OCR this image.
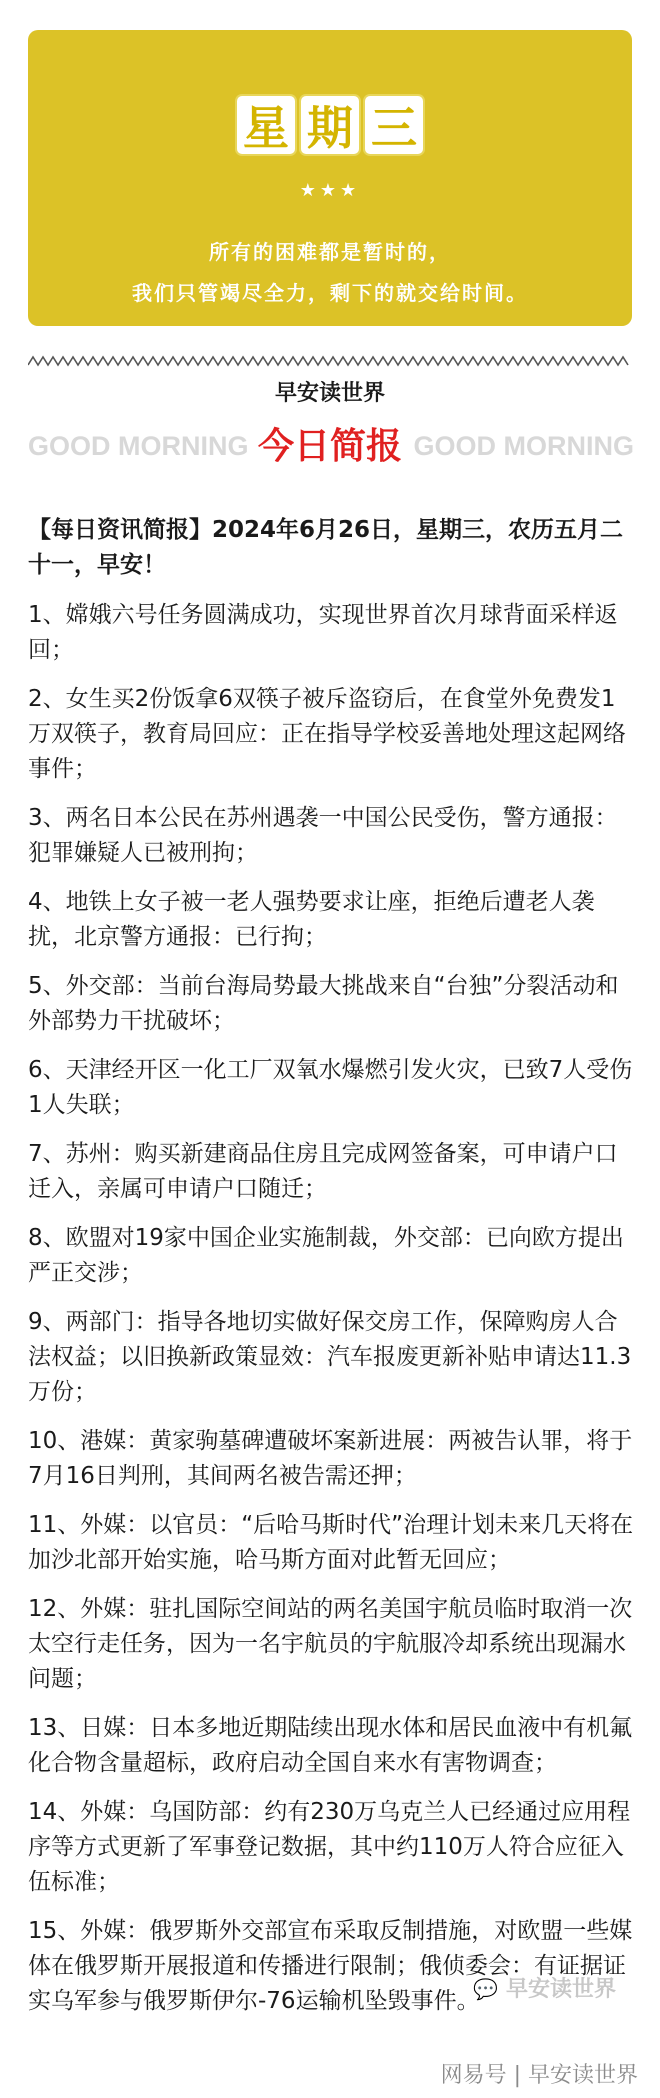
星 期 三
★★★
所有的困难都是暂时的，
我们只管竭尽全力，剩下的就交给时间。
早安读世界
GOOD MORNING 今日简报 GOOD MORNING

【每日资讯简报】2024年6月26日，星期三，农历五月二十一，早安！

1、嫦娥六号任务圆满成功，实现世界首次月球背面采样返回；

2、女生买2份饭拿6双筷子被斥盗窃后，在食堂外免费发1万双筷子，教育局回应：正在指导学校妥善地处理这起网络事件；

3、两名日本公民在苏州遇袭一中国公民受伤，警方通报：犯罪嫌疑人已被刑拘；

4、地铁上女子被一老人强势要求让座，拒绝后遭老人袭扰，北京警方通报：已行拘；

5、外交部：当前台海局势最大挑战来自“台独”分裂活动和外部势力干扰破坏；

6、天津经开区一化工厂双氧水爆燃引发火灾，已致7人受伤1人失联；

7、苏州：购买新建商品住房且完成网签备案，可申请户口迁入，亲属可申请户口随迁；

8、欧盟对19家中国企业实施制裁，外交部：已向欧方提出严正交涉；

9、两部门：指导各地切实做好保交房工作，保障购房人合法权益；以旧换新政策显效：汽车报废更新补贴申请达11.3万份；

10、港媒：黄家驹墓碑遭破坏案新进展：两被告认罪，将于7月16日判刑，其间两名被告需还押；

11、外媒：以官员：“后哈马斯时代”治理计划未来几天将在加沙北部开始实施，哈马斯方面对此暂无回应；

12、外媒：驻扎国际空间站的两名美国宇航员临时取消一次太空行走任务，因为一名宇航员的宇航服冷却系统出现漏水问题；

13、日媒：日本多地近期陆续出现水体和居民血液中有机氟化合物含量超标，政府启动全国自来水有害物调查；

14、外媒：乌国防部：约有230万乌克兰人已经通过应用程序等方式更新了军事登记数据，其中约110万人符合应征入伍标准；

15、外媒：俄罗斯外交部宣布采取反制措施，对欧盟一些媒体在俄罗斯开展报道和传播进行限制；俄侦委会：有证据证实乌军参与俄罗斯伊尔-76运输机坠毁事件。

💬 早安读世界
网易号 | 早安读世界
